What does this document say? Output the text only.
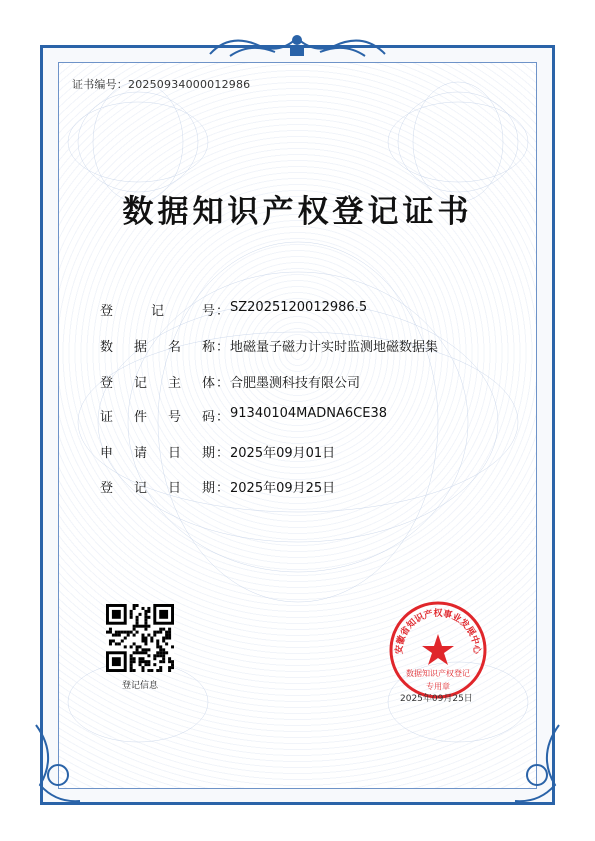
证书编号：20250934000012986
数据知识产权登记证书
登	记	号 ： SZ2025120012986.5
数 据 名 称 ： 地磁量子磁力计实时监测地磁数据集
登 记 主 体 ： 合肥墨测科技有限公司
证 件 号 码 ： 91340104MADNA6CE38
申 请 日 期 ： 2025年09月01日
登 记 日 期 ： 2025年09月25日
登记信息
安徽省知识产权事业发展中心
数据知识产权登记
专用章
2025年09月25日
